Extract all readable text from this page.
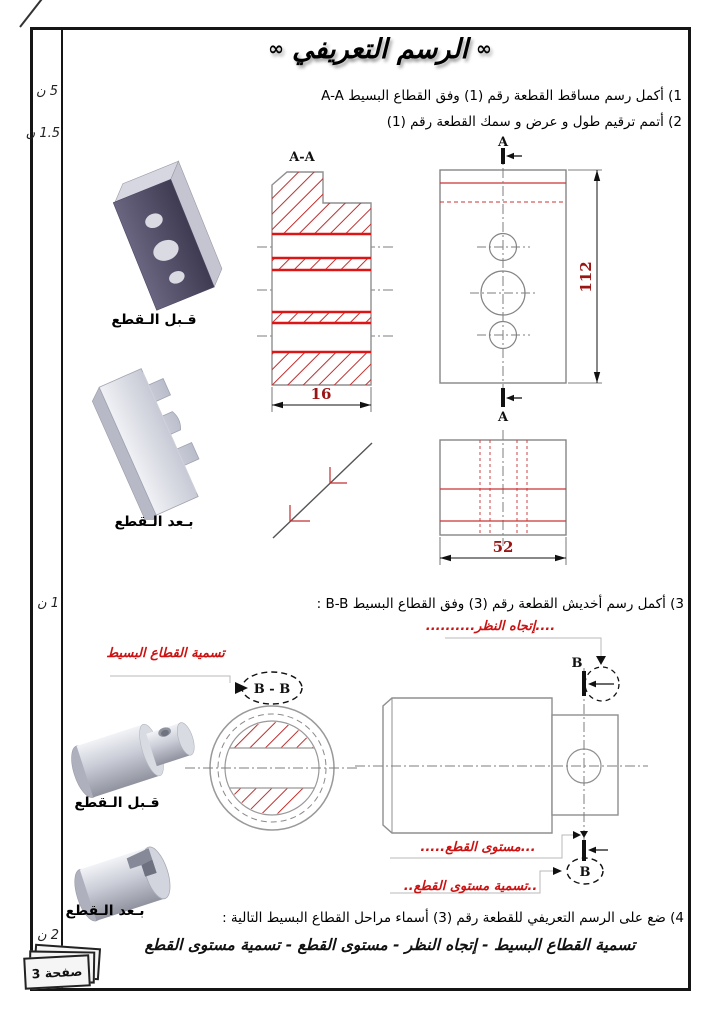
∞الرسم التعريفي∞
5 ن
1.5 ن
1 ن
2 ن
1) أكمل رسم مساقط القطعة رقم (1) وفق القطاع البسيط A-A
2) أتمم ترقيم طول و عرض و سمك القطعة رقم (1)
3) أكمل رسم أخديش القطعة رقم (3) وفق القطاع البسيط B-B :
4) ضع على الرسم التعريفي للقطعة رقم (3) أسماء مراحل القطاع البسيط التالية :
تسمية القطاع البسيط - إتجاه النظر - مستوى القطع - تسمية مستوى القطع
قـبل الـقطع
بـعد الـقطع
قـبل الـقطع
بـعد الـقطع
A-A
16
112
A
A
52
B - B
B
B
تسمية القطاع البسيط
....إتجاه النظر..........
...مستوى القطع.....
..تسمية مستوى القطع..
صفحة 3
